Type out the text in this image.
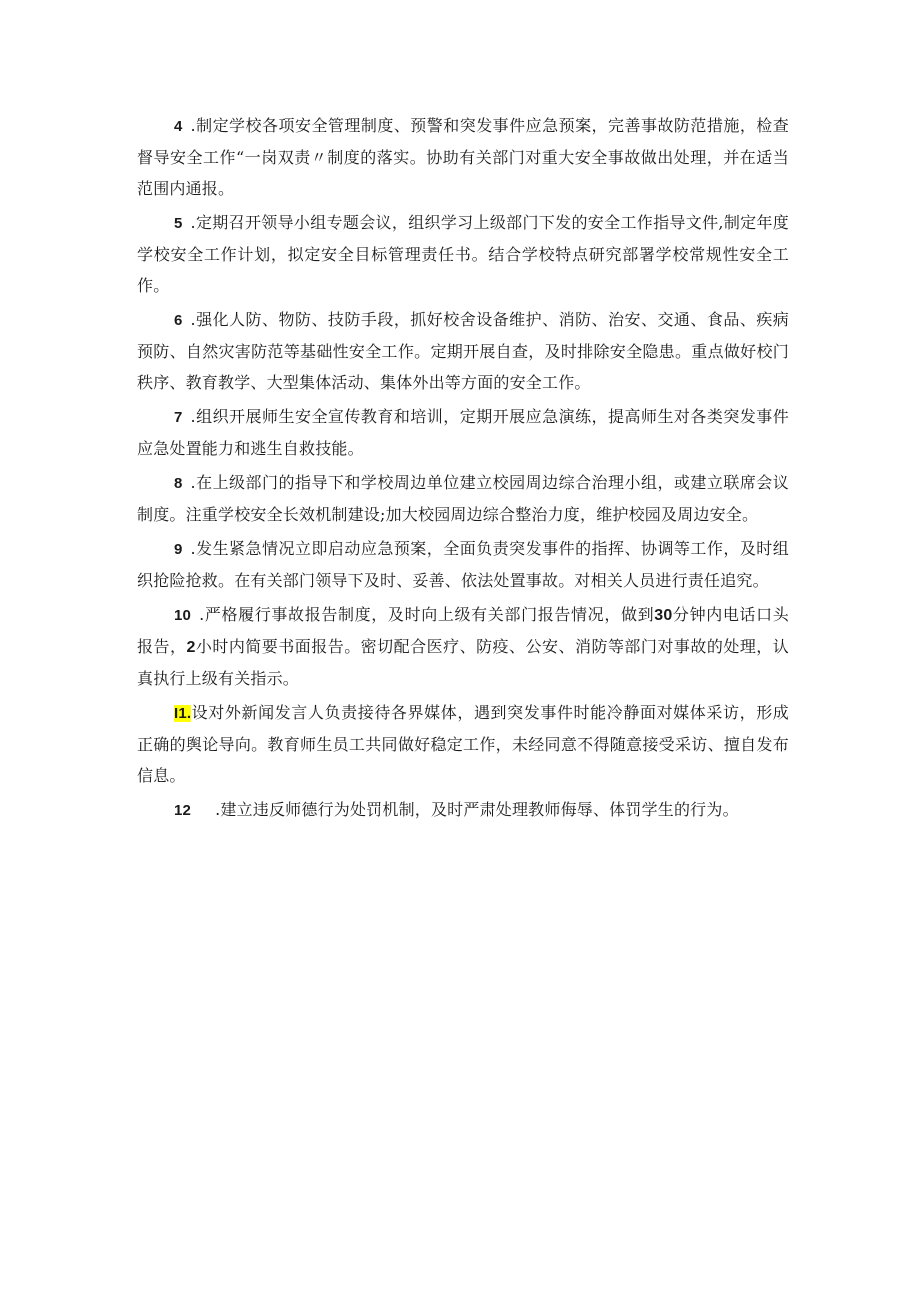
4 .制定学校各项安全管理制度、预警和突发事件应急预案，完善事故防范措施，检查督导安全工作“一岗双责〃制度的落实。协助有关部门对重大安全事故做出处理，并在适当范围内通报。

5 .定期召开领导小组专题会议，组织学习上级部门下发的安全工作指导文件,制定年度学校安全工作计划，拟定安全目标管理责任书。结合学校特点研究部署学校常规性安全工作。

6 .强化人防、物防、技防手段，抓好校舍设备维护、消防、治安、交通、食品、疾病预防、自然灾害防范等基础性安全工作。定期开展自查，及时排除安全隐患。重点做好校门秩序、教育教学、大型集体活动、集体外出等方面的安全工作。

7 .组织开展师生安全宣传教育和培训，定期开展应急演练，提高师生对各类突发事件应急处置能力和逃生自救技能。

8 .在上级部门的指导下和学校周边单位建立校园周边综合治理小组，或建立联席会议制度。注重学校安全长效机制建设;加大校园周边综合整治力度，维护校园及周边安全。

9 .发生紧急情况立即启动应急预案，全面负责突发事件的指挥、协调等工作，及时组织抢险抢救。在有关部门领导下及时、妥善、依法处置事故。对相关人员进行责任追究。

10 .严格履行事故报告制度，及时向上级有关部门报告情况，做到30分钟内电话口头报告，2小时内简要书面报告。密切配合医疗、防疫、公安、消防等部门对事故的处理，认真执行上级有关指示。

I1.设对外新闻发言人负责接待各界媒体，遇到突发事件时能冷静面对媒体采访，形成正确的舆论导向。教育师生员工共同做好稳定工作，未经同意不得随意接受采访、擅自发布信息。

12 .建立违反师德行为处罚机制，及时严肃处理教师侮辱、体罚学生的行为。
